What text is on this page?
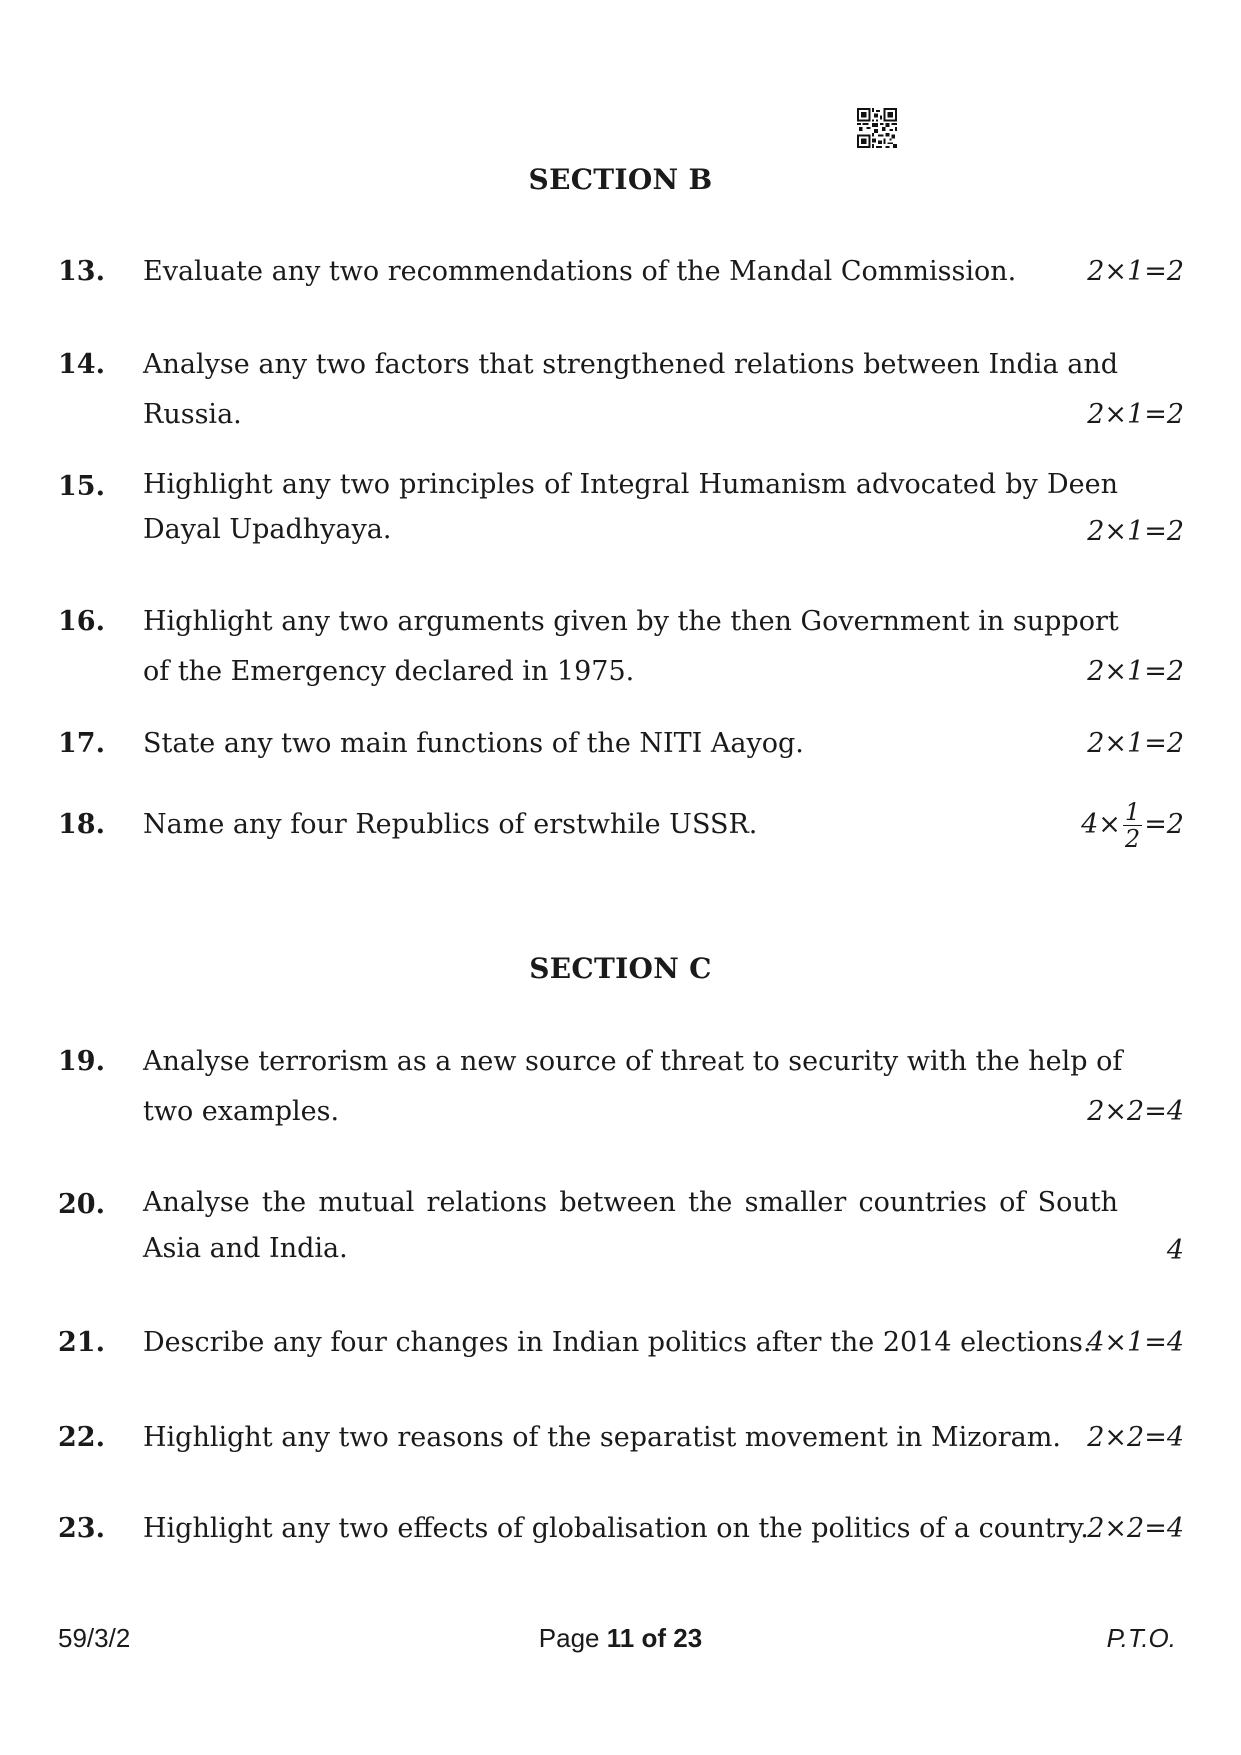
SECTION B
13. Evaluate any two recommendations of the Mandal Commission.	2×1=2
14. Analyse any two factors that strengthened relations between India and
Russia.	2×1=2
15. Highlight any two principles of Integral Humanism advocated by Deen
Dayal Upadhyaya.	2×1=2
16. Highlight any two arguments given by the then Government in support
of the Emergency declared in 1975.	2×1=2
17. State any two main functions of the NITI Aayog.	2×1=2
18. Name any four Republics of erstwhile USSR.	$4\times \frac{1}{2} =2$
SECTION C
19. Analyse terrorism as a new source of threat to security with the help of
two examples.	2×2=4
20. Analyse the mutual relations between the smaller countries of South
Asia and India.	4
21. Describe any four changes in Indian politics after the 2014 elections.
4×1=4
22. Highlight any two reasons of the separatist movement in Mizoram. 2×2=4
23. Highlight any two effects of globalisation on the politics of a country.
2×2=4
59/3/2	Page 11 of 23	P.T.O.
